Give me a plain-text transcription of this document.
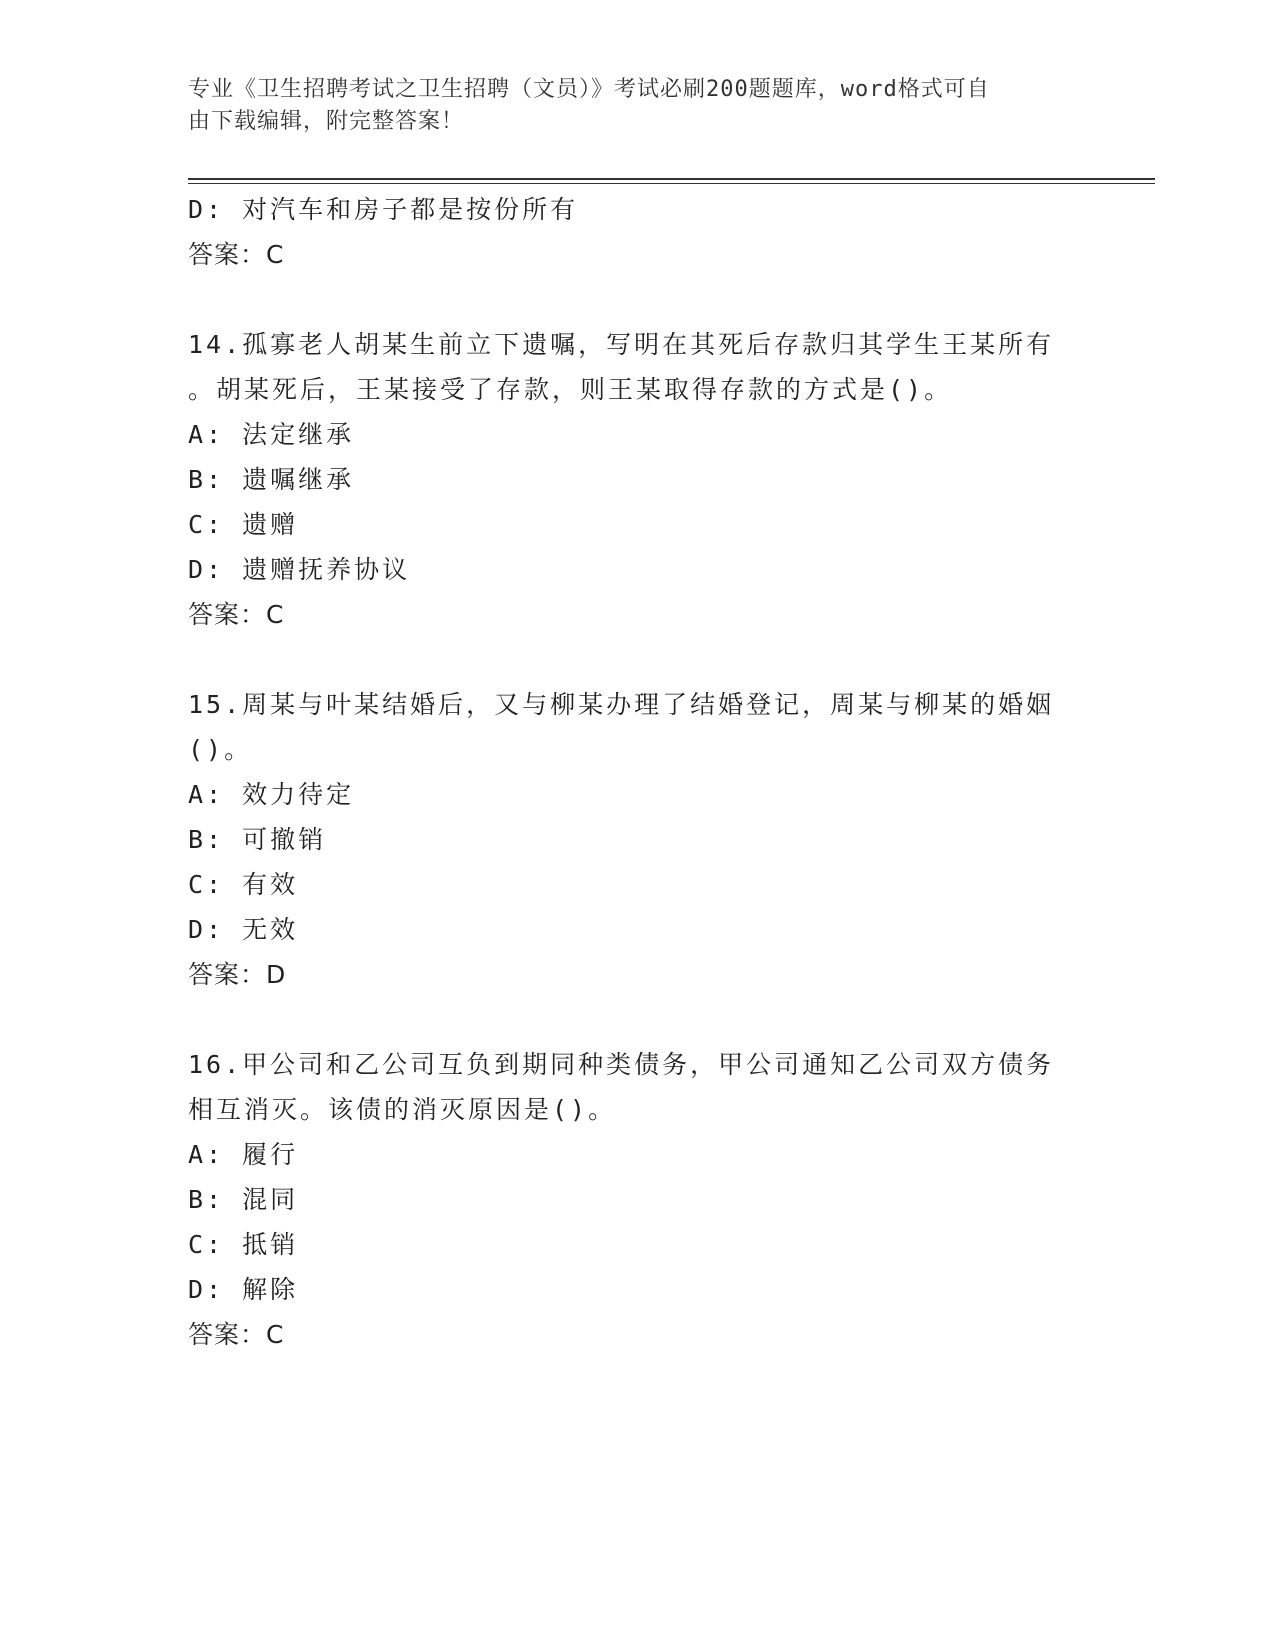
专业《卫生招聘考试之卫生招聘（文员）》考试必刷200题题库，word格式可自
由下载编辑，附完整答案！
D: 对汽车和房子都是按份所有
答案：C
14.孤寡老人胡某生前立下遗嘱，写明在其死后存款归其学生王某所有
。胡某死后，王某接受了存款，则王某取得存款的方式是()。
A: 法定继承
B: 遗嘱继承
C: 遗赠
D: 遗赠抚养协议
答案：C
15.周某与叶某结婚后，又与柳某办理了结婚登记，周某与柳某的婚姻
()。
A: 效力待定
B: 可撤销
C: 有效
D: 无效
答案：D
16.甲公司和乙公司互负到期同种类债务，甲公司通知乙公司双方债务
相互消灭。该债的消灭原因是()。
A: 履行
B: 混同
C: 抵销
D: 解除
答案：C
